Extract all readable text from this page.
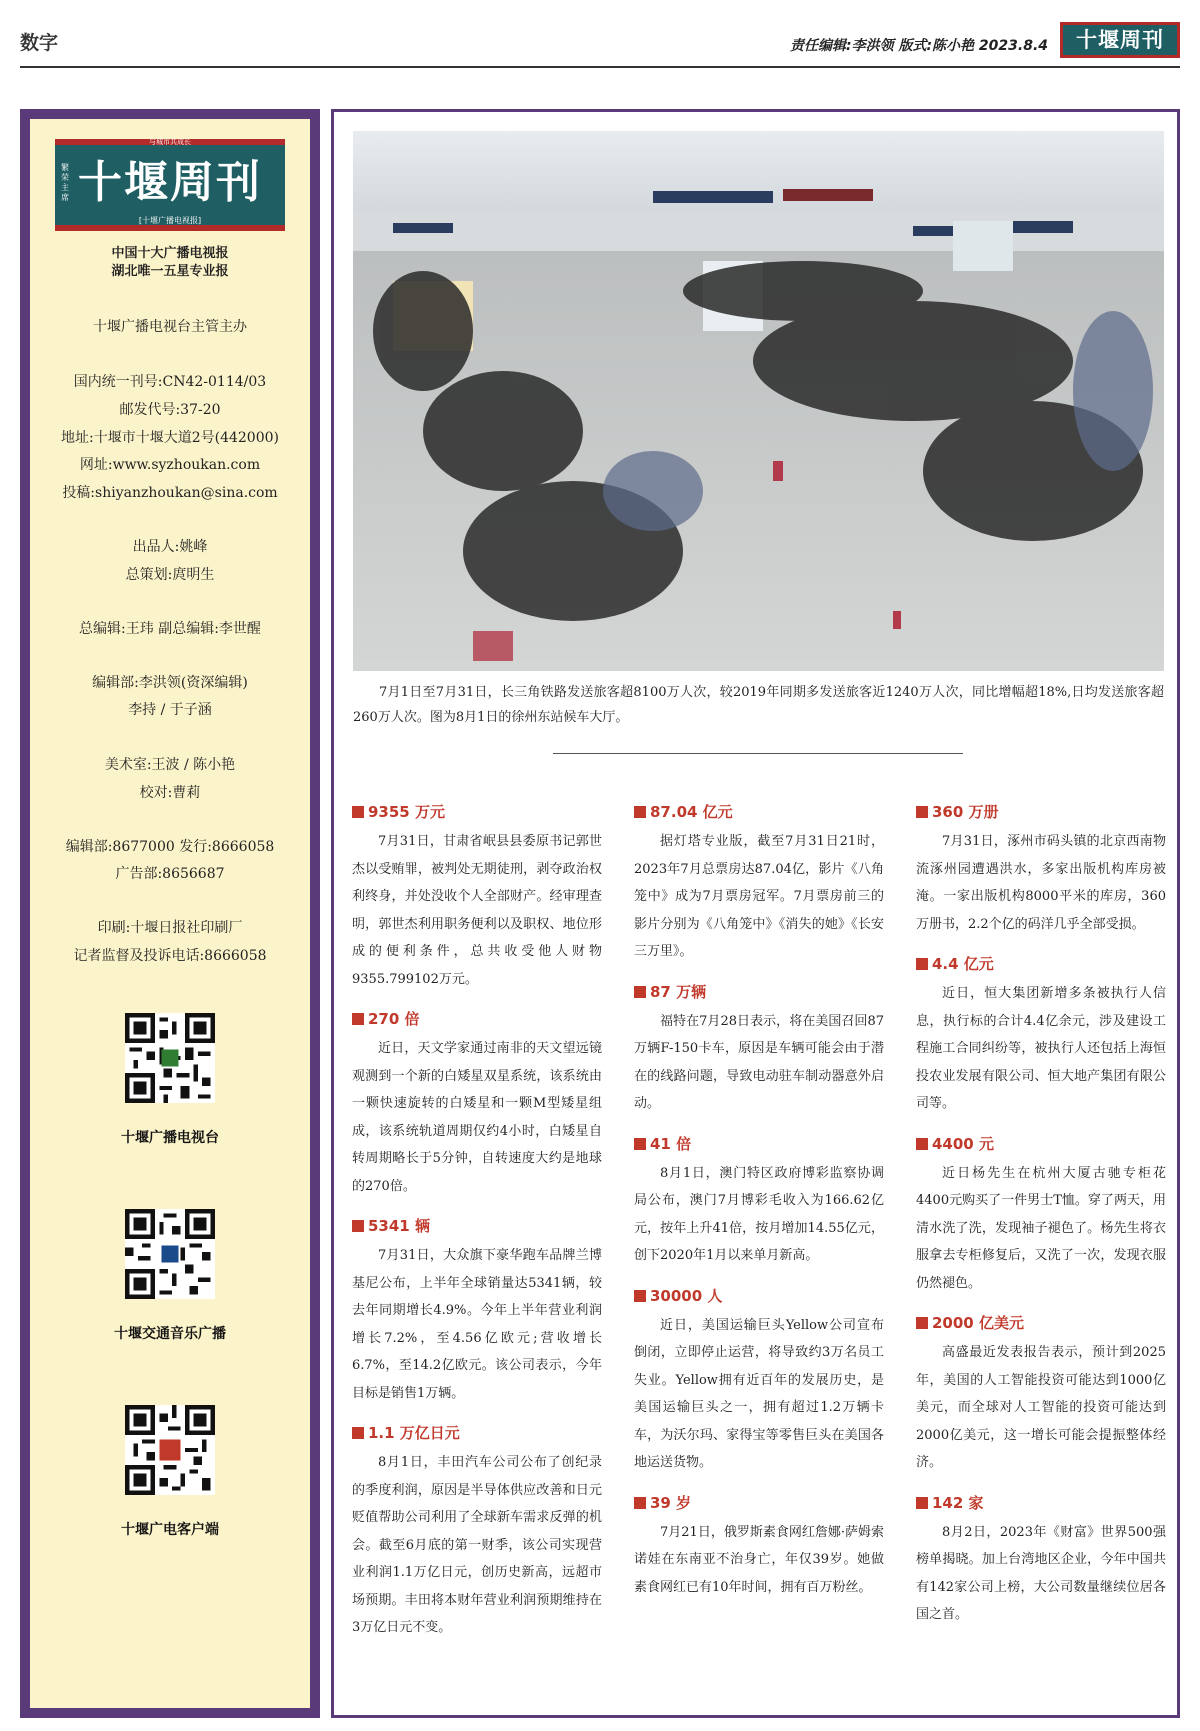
数字	责任编辑:李洪领 版式:陈小艳 2023.8.4	十堰周刊
与城市共成长
繁荣主席 十堰周刊
[十堰广播电视报]
中国十大广播电视报
湖北唯一五星专业报
十堰广播电视台主管主办
国内统一刊号:CN42-0114/03
邮发代号:37-20
地址:十堰市十堰大道2号(442000)
网址:www.syzhoukan.com
投稿:shiyanzhoukan@sina.com
出品人:姚峰
总策划:庹明生
总编辑:王玮 副总编辑:李世醒
编辑部:李洪领(资深编辑)
李持 / 于子涵
美术室:王波 / 陈小艳
校对:曹莉
编辑部:8677000 发行:8666058
广告部:8656687
印刷:十堰日报社印刷厂
记者监督及投诉电话:8666058
十堰广播电视台
十堰交通音乐广播
十堰广电客户端
7月1日至7月31日，长三角铁路发送旅客超8100万人次，较2019年同期多发送旅客近1240万人次，同比增幅超18%,日均发送旅客超260万人次。图为8月1日的徐州东站候车大厅。
9355 万元
7月31日，甘肃省岷县县委原书记郭世杰以受贿罪，被判处无期徒刑，剥夺政治权利终身，并处没收个人全部财产。经审理查明，郭世杰利用职务便利以及职权、地位形成的便利条件，总共收受他人财物9355.799102万元。
270 倍
近日，天文学家通过南非的天文望远镜观测到一个新的白矮星双星系统，该系统由一颗快速旋转的白矮星和一颗M型矮星组成，该系统轨道周期仅约4小时，白矮星自转周期略长于5分钟，自转速度大约是地球的270倍。
5341 辆
7月31日，大众旗下豪华跑车品牌兰博基尼公布，上半年全球销量达5341辆，较去年同期增长4.9%。今年上半年营业利润增长7.2%，至4.56亿欧元;营收增长6.7%，至14.2亿欧元。该公司表示，今年目标是销售1万辆。
1.1 万亿日元
8月1日，丰田汽车公司公布了创纪录的季度利润，原因是半导体供应改善和日元贬值帮助公司利用了全球新车需求反弹的机会。截至6月底的第一财季，该公司实现营业利润1.1万亿日元，创历史新高，远超市场预期。丰田将本财年营业利润预期维持在3万亿日元不变。
87.04 亿元
据灯塔专业版，截至7月31日21时，2023年7月总票房达87.04亿，影片《八角笼中》成为7月票房冠军。7月票房前三的影片分别为《八角笼中》《消失的她》《长安三万里》。
87 万辆
福特在7月28日表示，将在美国召回87万辆F-150卡车，原因是车辆可能会由于潜在的线路问题，导致电动驻车制动器意外启动。
41 倍
8月1日，澳门特区政府博彩监察协调局公布，澳门7月博彩毛收入为166.62亿元，按年上升41倍，按月增加14.55亿元，创下2020年1月以来单月新高。
30000 人
近日，美国运输巨头Yellow公司宣布倒闭，立即停止运营，将导致约3万名员工失业。Yellow拥有近百年的发展历史，是美国运输巨头之一，拥有超过1.2万辆卡车，为沃尔玛、家得宝等零售巨头在美国各地运送货物。
39 岁
7月21日，俄罗斯素食网红詹娜·萨姆索诺娃在东南亚不治身亡，年仅39岁。她做素食网红已有10年时间，拥有百万粉丝。
360 万册
7月31日，涿州市码头镇的北京西南物流涿州园遭遇洪水，多家出版机构库房被淹。一家出版机构8000平米的库房，360万册书，2.2个亿的码洋几乎全部受损。
4.4 亿元
近日，恒大集团新增多条被执行人信息，执行标的合计4.4亿余元，涉及建设工程施工合同纠纷等，被执行人还包括上海恒投农业发展有限公司、恒大地产集团有限公司等。
4400 元
近日杨先生在杭州大厦古驰专柜花4400元购买了一件男士T恤。穿了两天，用清水洗了洗，发现袖子褪色了。杨先生将衣服拿去专柜修复后，又洗了一次，发现衣服仍然褪色。
2000 亿美元
高盛最近发表报告表示，预计到2025年，美国的人工智能投资可能达到1000亿美元，而全球对人工智能的投资可能达到2000亿美元，这一增长可能会提振整体经济。
142 家
8月2日，2023年《财富》世界500强榜单揭晓。加上台湾地区企业，今年中国共有142家公司上榜，大公司数量继续位居各国之首。
